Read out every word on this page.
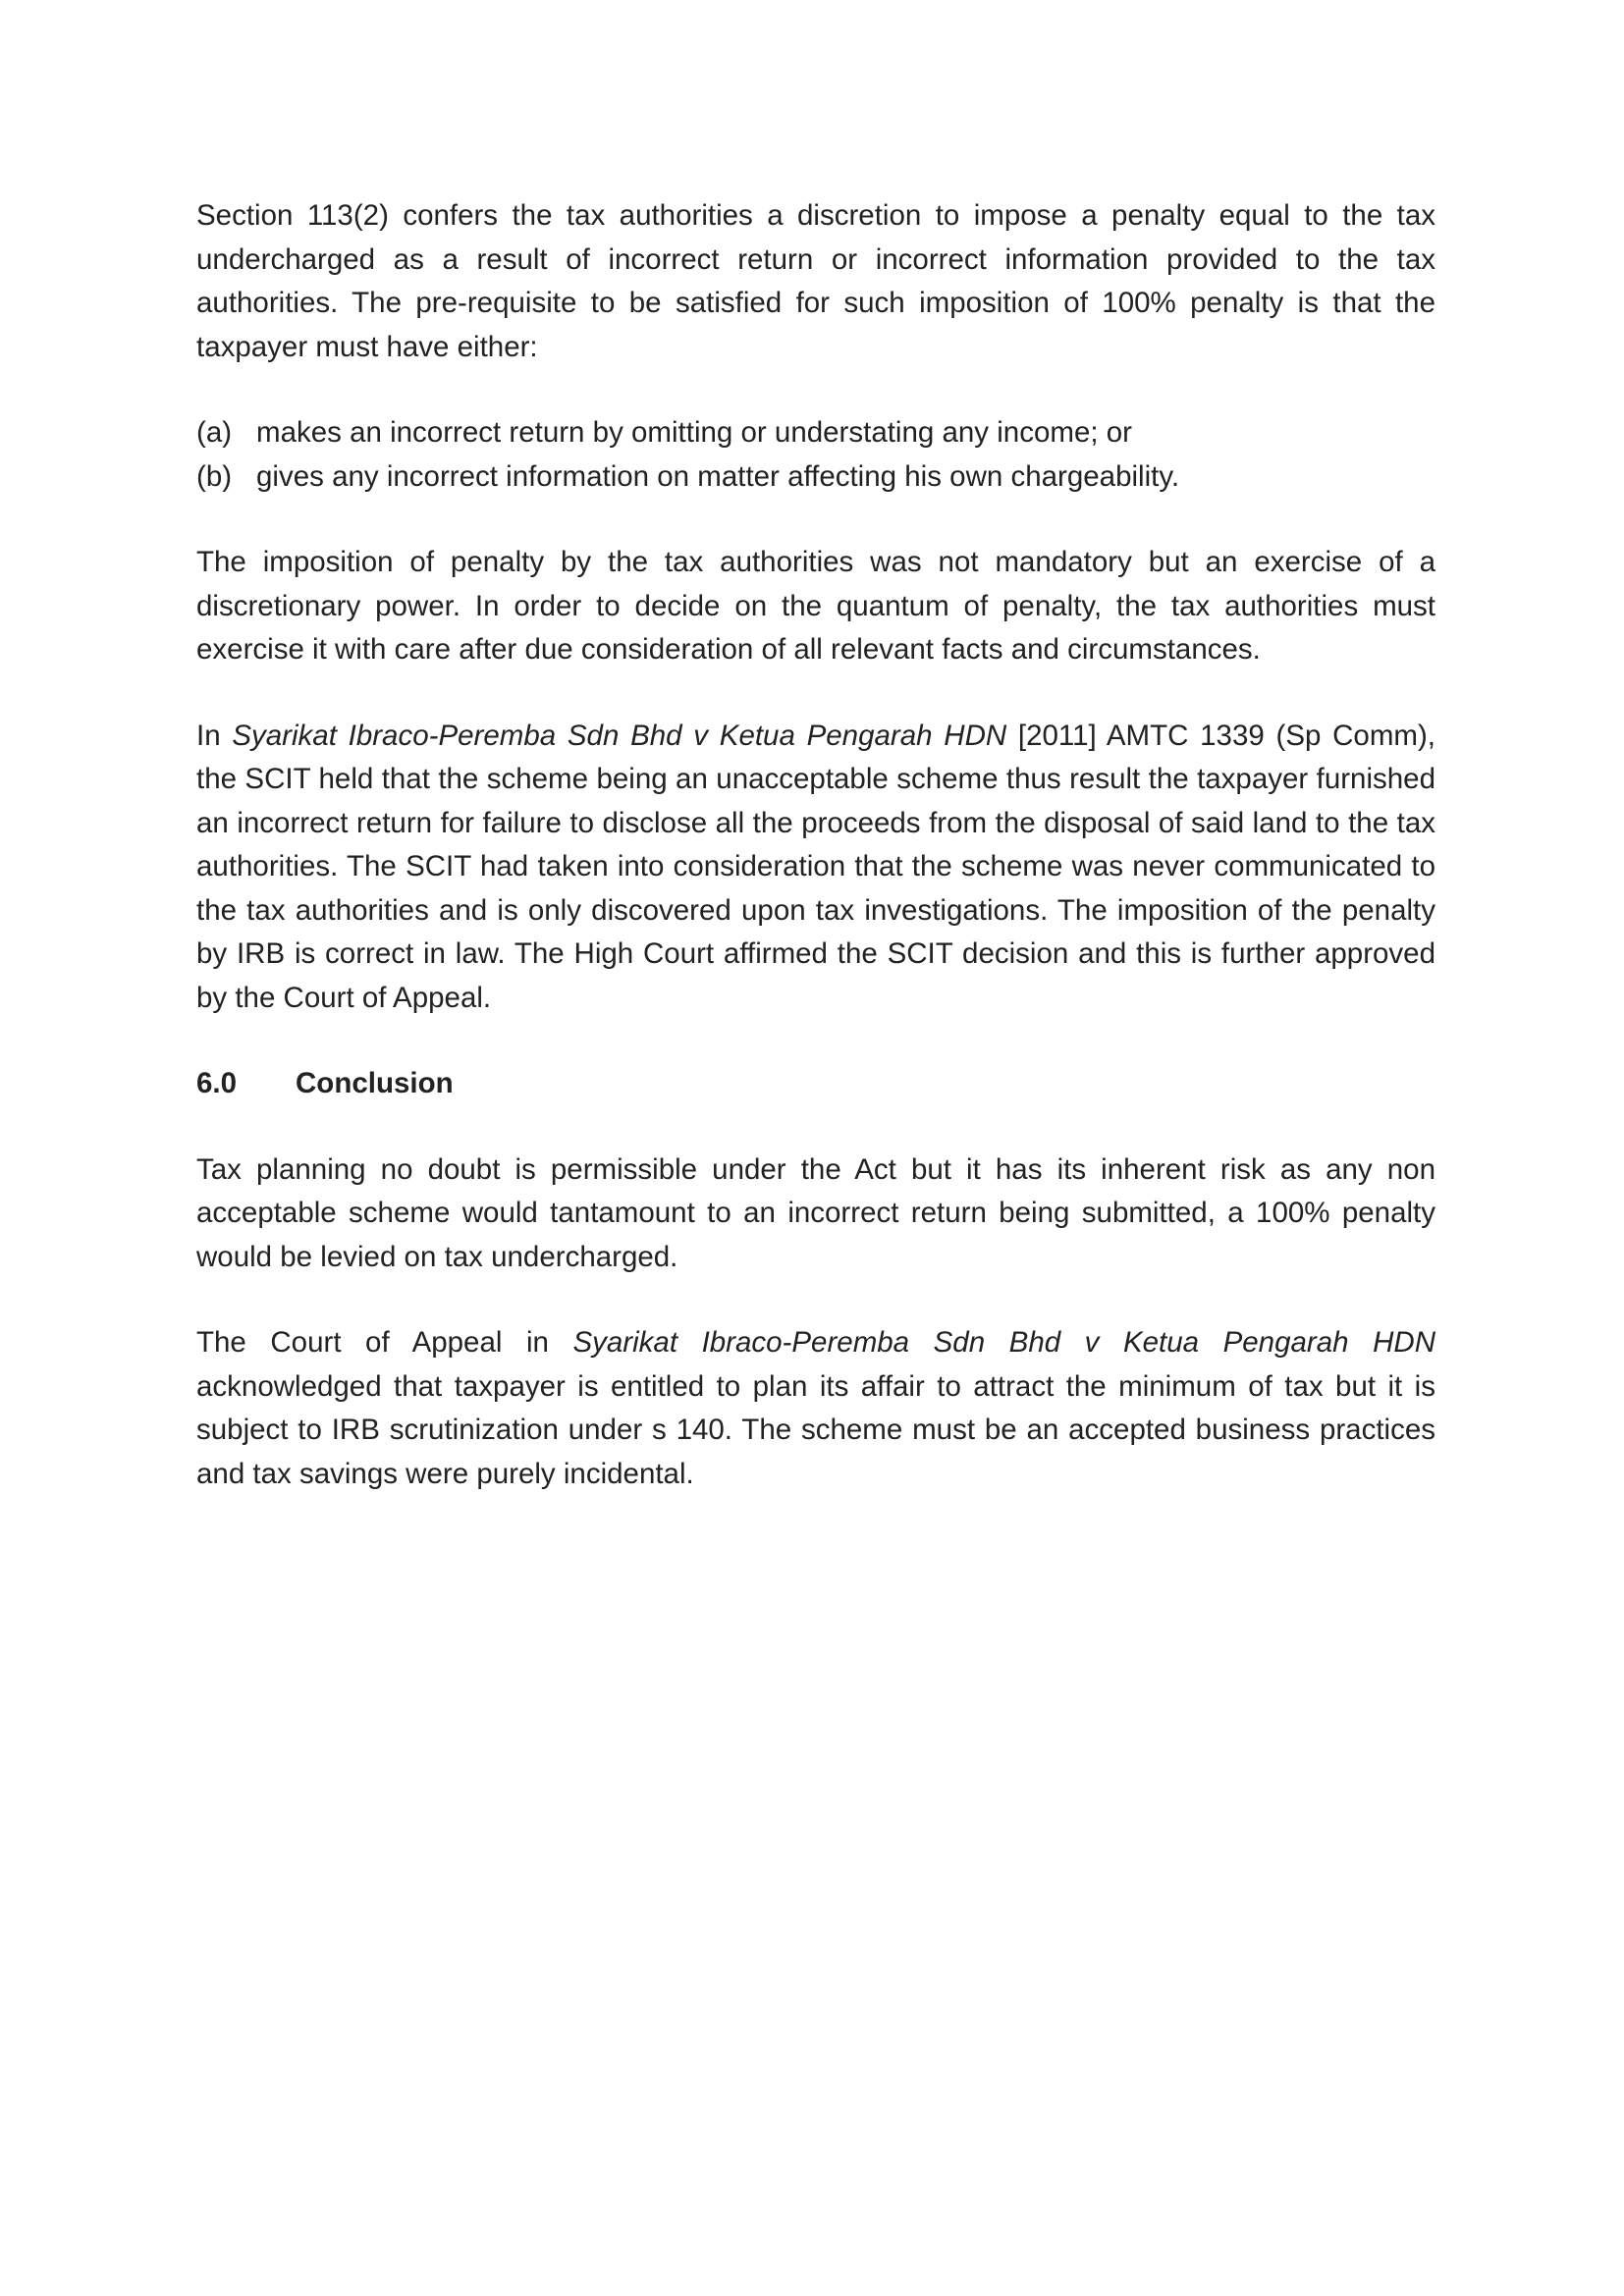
Section 113(2) confers the tax authorities a discretion to impose a penalty equal to the tax undercharged as a result of incorrect return or incorrect information provided to the tax authorities. The pre-requisite to be satisfied for such imposition of 100% penalty is that the taxpayer must have either:

(a) makes an incorrect return by omitting or understating any income; or
(b) gives any incorrect information on matter affecting his own chargeability.

The imposition of penalty by the tax authorities was not mandatory but an exercise of a discretionary power. In order to decide on the quantum of penalty, the tax authorities must exercise it with care after due consideration of all relevant facts and circumstances.

In Syarikat Ibraco-Peremba Sdn Bhd v Ketua Pengarah HDN [2011] AMTC 1339 (Sp Comm), the SCIT held that the scheme being an unacceptable scheme thus result the taxpayer furnished an incorrect return for failure to disclose all the proceeds from the disposal of said land to the tax authorities. The SCIT had taken into consideration that the scheme was never communicated to the tax authorities and is only discovered upon tax investigations. The imposition of the penalty by IRB is correct in law. The High Court affirmed the SCIT decision and this is further approved by the Court of Appeal.

6.0	Conclusion

Tax planning no doubt is permissible under the Act but it has its inherent risk as any non acceptable scheme would tantamount to an incorrect return being submitted, a 100% penalty would be levied on tax undercharged.

The Court of Appeal in Syarikat Ibraco-Peremba Sdn Bhd v Ketua Pengarah HDN acknowledged that taxpayer is entitled to plan its affair to attract the minimum of tax but it is subject to IRB scrutinization under s 140. The scheme must be an accepted business practices and tax savings were purely incidental.
